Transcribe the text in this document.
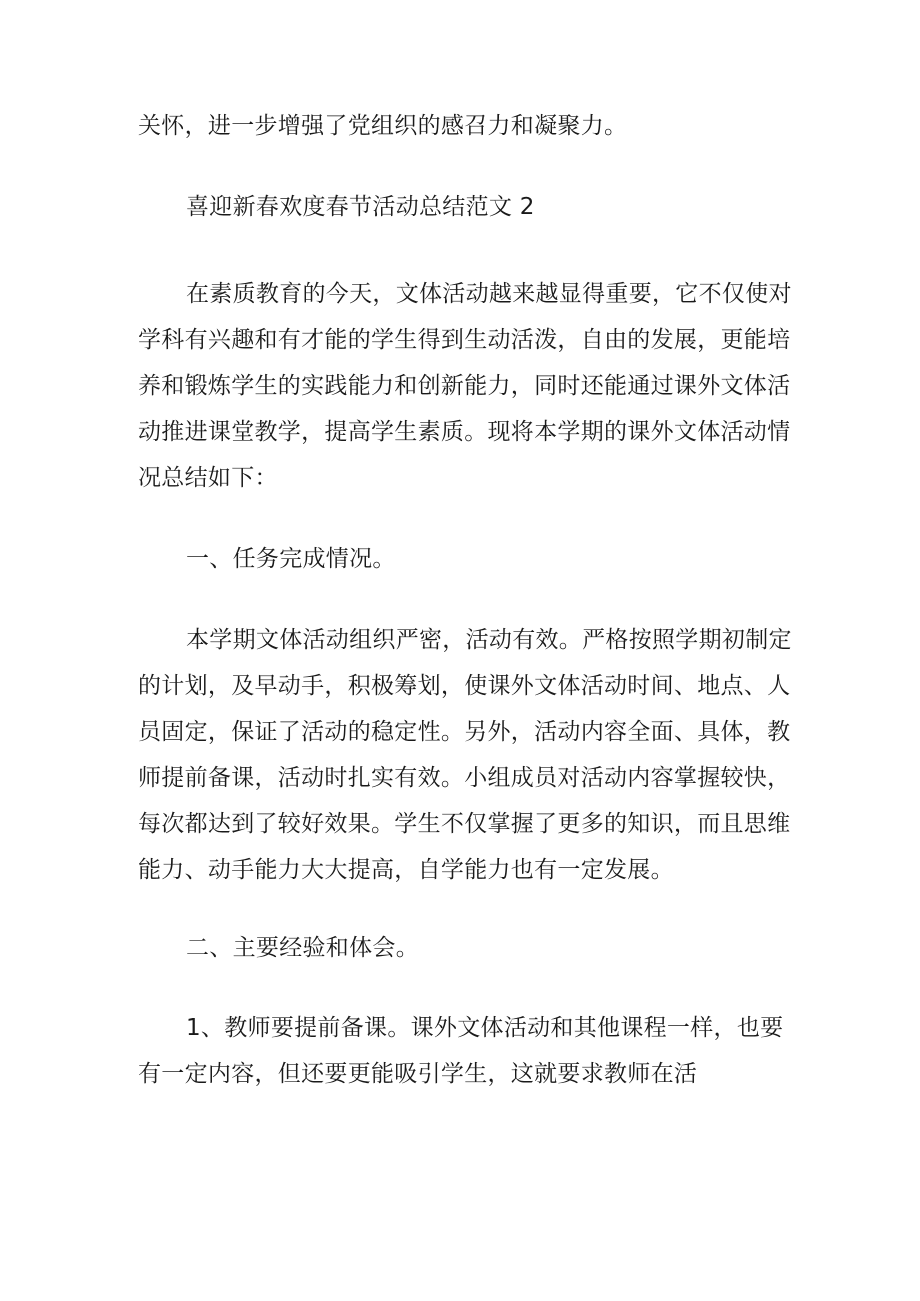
关怀，进一步增强了党组织的感召力和凝聚力。
喜迎新春欢度春节活动总结范文 2
在素质教育的今天，文体活动越来越显得重要，它不仅使对
学科有兴趣和有才能的学生得到生动活泼，自由的发展，更能培
养和锻炼学生的实践能力和创新能力，同时还能通过课外文体活
动推进课堂教学，提高学生素质。现将本学期的课外文体活动情
况总结如下：
一、任务完成情况。
本学期文体活动组织严密，活动有效。严格按照学期初制定
的计划，及早动手，积极筹划，使课外文体活动时间、地点、人
员固定，保证了活动的稳定性。另外，活动内容全面、具体，教
师提前备课，活动时扎实有效。小组成员对活动内容掌握较快，
每次都达到了较好效果。学生不仅掌握了更多的知识，而且思维
能力、动手能力大大提高，自学能力也有一定发展。
二、主要经验和体会。
1、教师要提前备课。课外文体活动和其他课程一样，也要
有一定内容，但还要更能吸引学生，这就要求教师在活
